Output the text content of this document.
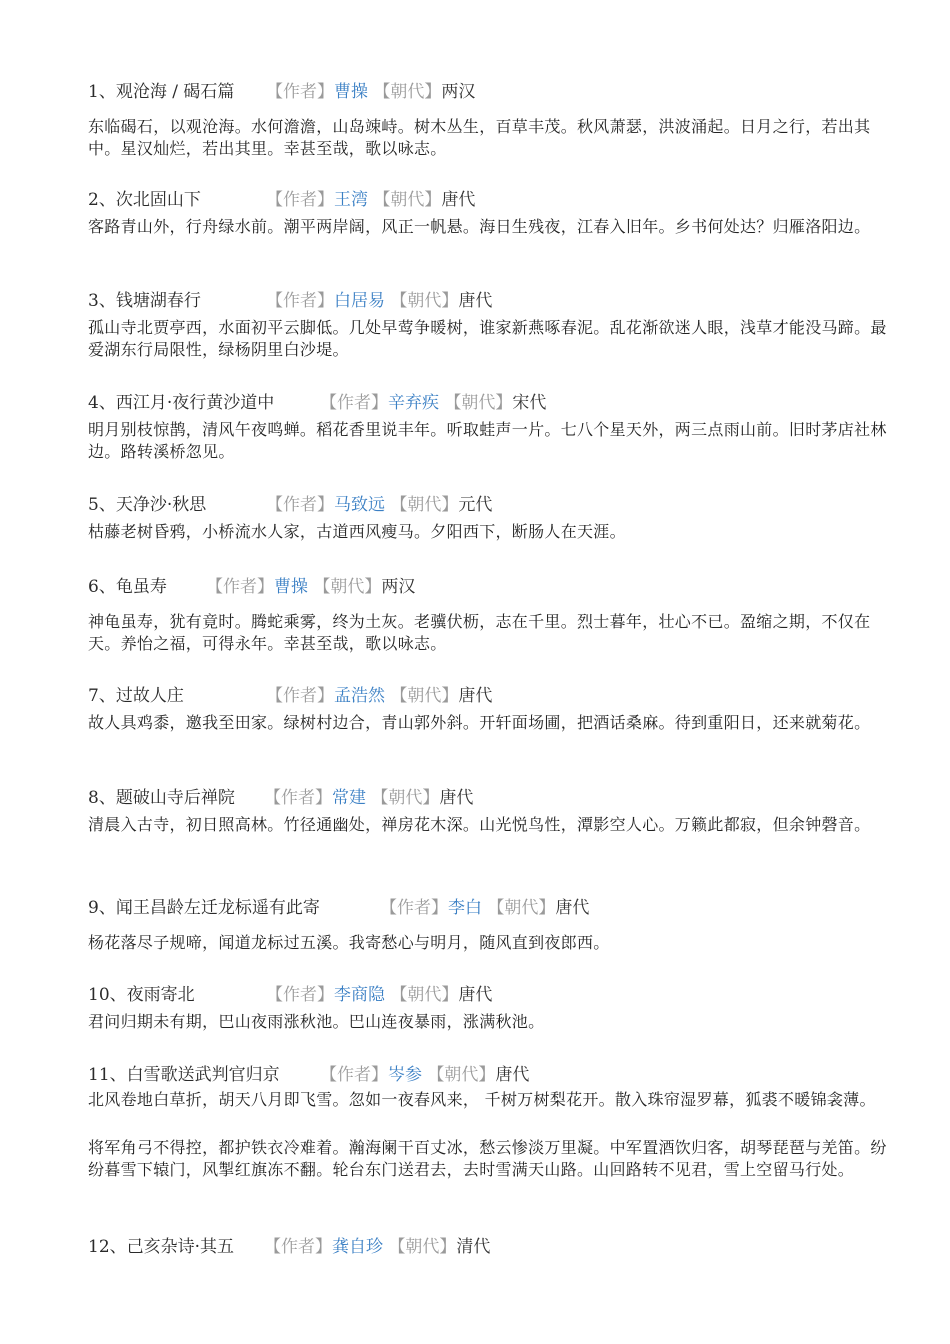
1、观沧海 / 碣石篇 【作者】曹操 【朝代】两汉
东临碣石，以观沧海。水何澹澹，山岛竦峙。树木丛生，百草丰茂。秋风萧瑟，洪波涌起。日月之行，若出其中。星汉灿烂，若出其里。幸甚至哉，歌以咏志。
2、次北固山下	【作者】王湾 【朝代】唐代
客路青山外，行舟绿水前。潮平两岸阔，风正一帆悬。海日生残夜，江春入旧年。乡书何处达？归雁洛阳边。
3、钱塘湖春行	【作者】白居易 【朝代】唐代
孤山寺北贾亭西，水面初平云脚低。几处早莺争暖树，谁家新燕啄春泥。乱花渐欲迷人眼，浅草才能没马蹄。最爱湖东行局限性，绿杨阴里白沙堤。
4、西江月·夜行黄沙道中	【作者】辛弃疾 【朝代】宋代
明月别枝惊鹊，清风午夜鸣蝉。稻花香里说丰年。听取蛙声一片。七八个星天外，两三点雨山前。旧时茅店社林边。路转溪桥忽见。
5、天净沙·秋思	【作者】马致远 【朝代】元代
枯藤老树昏鸦，小桥流水人家，古道西风瘦马。夕阳西下，断肠人在天涯。
6、龟虽寿 【作者】曹操 【朝代】两汉
神龟虽寿，犹有竟时。腾蛇乘雾，终为土灰。老骥伏枥，志在千里。烈士暮年，壮心不已。盈缩之期，不仅在天。养怡之福，可得永年。幸甚至哉，歌以咏志。
7、过故人庄	【作者】孟浩然 【朝代】唐代
故人具鸡黍，邀我至田家。绿树村边合，青山郭外斜。开轩面场圃，把酒话桑麻。待到重阳日，还来就菊花。
8、题破山寺后禅院 【作者】常建 【朝代】唐代
清晨入古寺，初日照高林。竹径通幽处，禅房花木深。山光悦鸟性，潭影空人心。万籁此都寂，但余钟磬音。
9、闻王昌龄左迁龙标遥有此寄	【作者】李白 【朝代】唐代
杨花落尽子规啼，闻道龙标过五溪。我寄愁心与明月，随风直到夜郎西。
10、夜雨寄北	【作者】李商隐 【朝代】唐代
君问归期未有期，巴山夜雨涨秋池。巴山连夜暴雨，涨满秋池。
11、白雪歌送武判官归京 【作者】岑参 【朝代】唐代
北风卷地白草折，胡天八月即飞雪。忽如一夜春风来， 千树万树梨花开。散入珠帘湿罗幕，狐裘不暖锦衾薄。
将军角弓不得控，都护铁衣冷难着。瀚海阑干百丈冰，愁云惨淡万里凝。中军置酒饮归客，胡琴琵琶与羌笛。纷纷暮雪下辕门，风掣红旗冻不翻。轮台东门送君去，去时雪满天山路。山回路转不见君，雪上空留马行处。
12、己亥杂诗·其五 【作者】龚自珍 【朝代】清代
